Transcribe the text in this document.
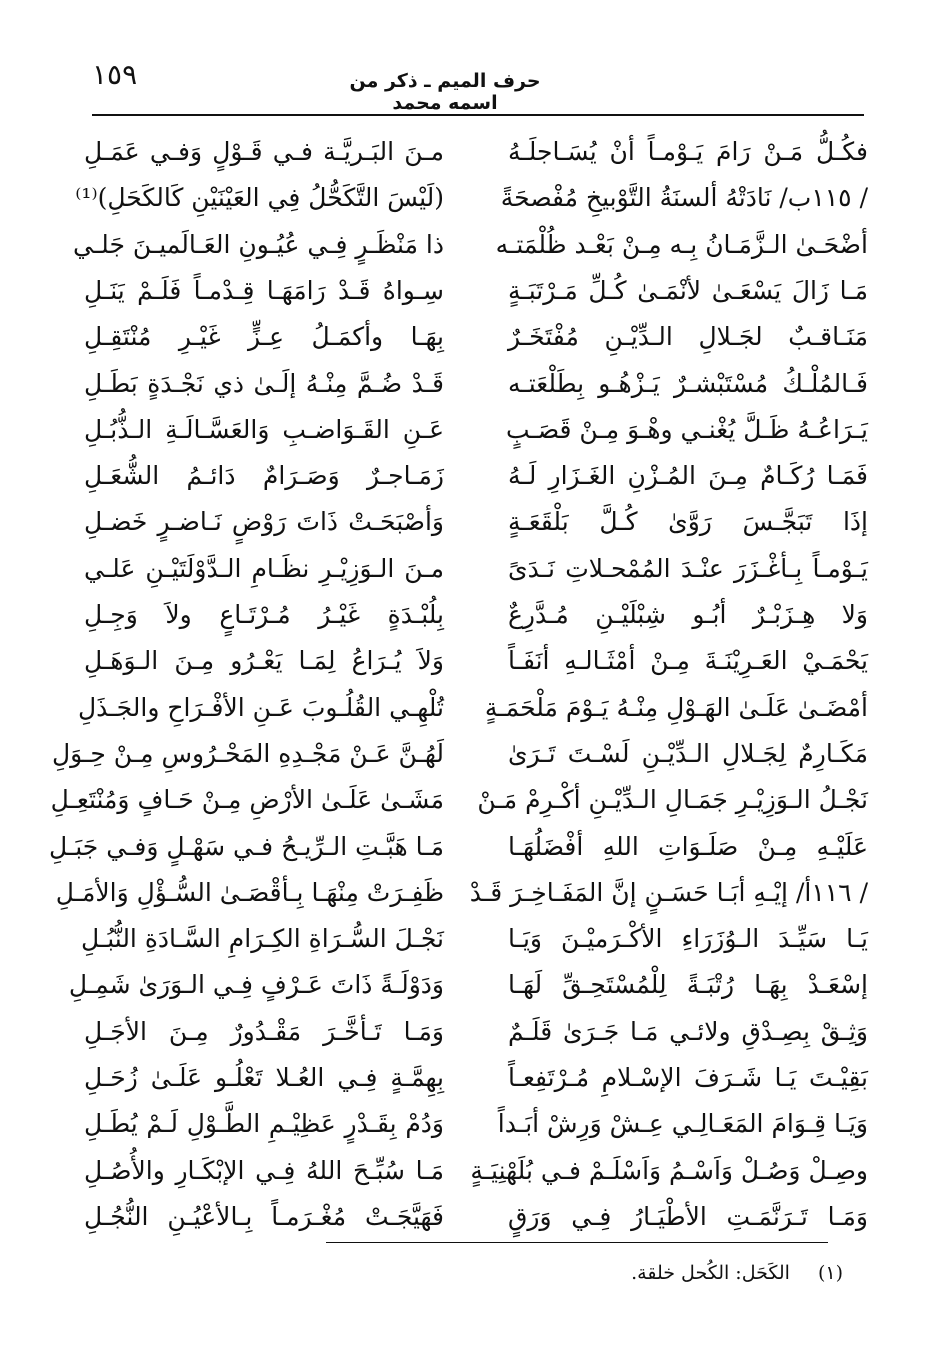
١٥٩	حرف الميم ـ ذكر من اسمه محمد
فكُـلُّ مَـنْ رَامَ يَـوْمـاً أنْ يُسَـاجلَـهُ
مـنَ البَـريَّـة فـي قَـوْلٍ وَفـي عَمَـلِ
/ ١١٥ب/ نَادَتْهُ ألسنَةُ التَّوْبيخِ مُفْصحَةً
(لَيْسَ التَّكَحُّلُ فِي العَيْنَيْنِ كَالكَحَلِ)⁽¹⁾
أضْحَـىٰ الـزَّمَـانُ بِـه مِـنْ بَعْـد ظُلْمَتـه
ذا مَنْظَـرٍ فِـي عُيُـونِ العَـالَميـنَ جَلـي
مَـا زَالَ يَسْعَـىٰ لأنْمَـىٰ كُـلِّ مَـرْتَبَـةٍ
سِـواهُ قَـدْ رَامَهَـا قِـدْمـاً فَلَـمْ يَنَـلِ
مَنَـاقـبٌ لجَـلالِ الـدِّيْـنِ مُفْتَخَـرٌ
بِهَـا وأكمَـلُ عِـزٍّ غَيْـرِ مُنْتَقِـلِ
فَـالمُلْـكُ مُسْتَبْشـرٌ يَـزْهُـو بِطَلْعَتـه
قَـدْ ضُـمَّ مِنْـهُ إلَـىٰ ذي نَجْـدَةٍ بَطَـلِ
يَـرَاعُـهُ ظَـلَّ يُغْنـي وهْـوَ مِـنْ قَصَـبٍ
عَـنِ القَـوَاضـبِ وَالعَسَّـالَـةِ الـذُّبُـلِ
فَمَـا رُكَـامٌ مِـنَ المُـزْنِ الغَـزَارِ لَـهُ
زَمَـاجـرٌ وَصَـرَامٌ دَائـمُ الشُّعَـلِ
إذَا تَبَجَّـسَ رَوَّىٰ كُـلَّ بَلْقَعَـةٍ
وَأصْبَحَـتْ ذَاتَ رَوْضٍ نَـاضـرٍ خَضـلِ
يَـوْمـاً بِـأغْـزَرَ عنْـدَ المُمْحـلاتِ نَـدَىً
مـنَ الـوَزِيْـرِ نظَـامِ الـدَّوْلَتَيْـنِ عَلـي
وَلا هِـزَبْـرٌ أبُـو شِبْلَيْـنِ مُـدَّرِعٌ
بِلُبْـدَةٍ غَيْـرُ مُـرْتَـاعٍ ولاَ وَجِـلِ
يَحْمَـيْ العَـرِيْنَـةَ مِـنْ أمْثَـالـهِ أنَفَـاً
وَلاَ يُـرَاعُ لِمَـا يَعْـرُو مِـنَ الـوَهَـلِ
أمْضَـىٰ عَلَـىٰ الهَـوْلِ مِنْـهُ يَـوْمَ مَلْحَمَـةٍ
تُلْهِـي القُلُـوبَ عَـنِ الأفْـرَاحِ والجَـذَلِ
مَكَـارِمٌ لِجَـلالِ الـدِّيْـنِ لَسْـتَ تَـرَىٰ
لَهُـنَّ عَـنْ مَجْـدِهِ المَحْـرُوسِ مِـنْ حِـوَلِ
نَجْـلُ الـوَزِيْـرِ جَمَـالِ الـدِّيْـنِ أكْـرِمْ مَـنْ
مَشَـىٰ عَلَـىٰ الأرْضِ مِـنْ حَـافٍ وَمُنْتَعِـلِ
عَلَيْـهِ مِـنْ صَلَـوَاتِ اللهِ أفْضَلُهَـا
مَـا هَبَّـتِ الـرِّيـحُ فـي سَهْـلٍ وَفـي جَبَـلِ
/ ١١٦أ/ إيْـهِ أبَـا حَسَـنٍ إنَّ المَفَـاخِـرَ قَـدْ
ظَفِـرَتْ مِنْهَـا بِـأقْصَـىٰ السُّـؤْلِ وَالأمَـلِ
يَـا سَيِّـدَ الـوُزَرَاءِ الأكْـرَميْـنَ وَيَـا
نَجْـلَ السُّـرَاةِ الكِـرَامِ السَّـادَةِ النُّبُـلِ
إسْعَـدْ بِهَـا رُتْبَـةً لِلْمُسْتَحِـقِّ لَهَـا
وَدَوْلَـةً ذَاتَ عَـرْفٍ فِـي الـوَرَىٰ شَمِـلِ
وَثِـقْ بِصِـدْقِ ولائـي مَـا جَـرَىٰ قَلَـمٌ
وَمَـا تَـأخَّـرَ مَقْـدُورٌ مِـنَ الأجَـلِ
بَقِيْـتَ يَـا شَـرَفَ الإسْـلامِ مُـرْتَفِعـاً
بِهِمَّـةٍ فِـي العُـلا تَعْلُـو عَلَـىٰ زُحَـلِ
وَيَـا قِـوَامَ المَعَـالِـي عِـشْ وَرِشْ أبَـداً
وَدُمْ بِقَـدْرٍ عَظِيْـمِ الطَّـوْلِ لَـمْ يُطَـلِ
وصِـلْ وَصُـلْ وَاَسْـمُ وَاَسْلَـمْ فـي بُلَهْنِيَـةٍ
مَـا سُبِّـحَ اللهُ فِـي الإبْكَـارِ والأُصُـلِ
وَمَـا تَـرَنَّمَـتِ الأطْيَـارُ فِـي وَرَقٍ
فَهَيَّجَـتْ مُغْـرَمـاً بِـالأعْيُـنِ النُّجُـلِ
(١)الكَحَل: الكُحل خلقة.
